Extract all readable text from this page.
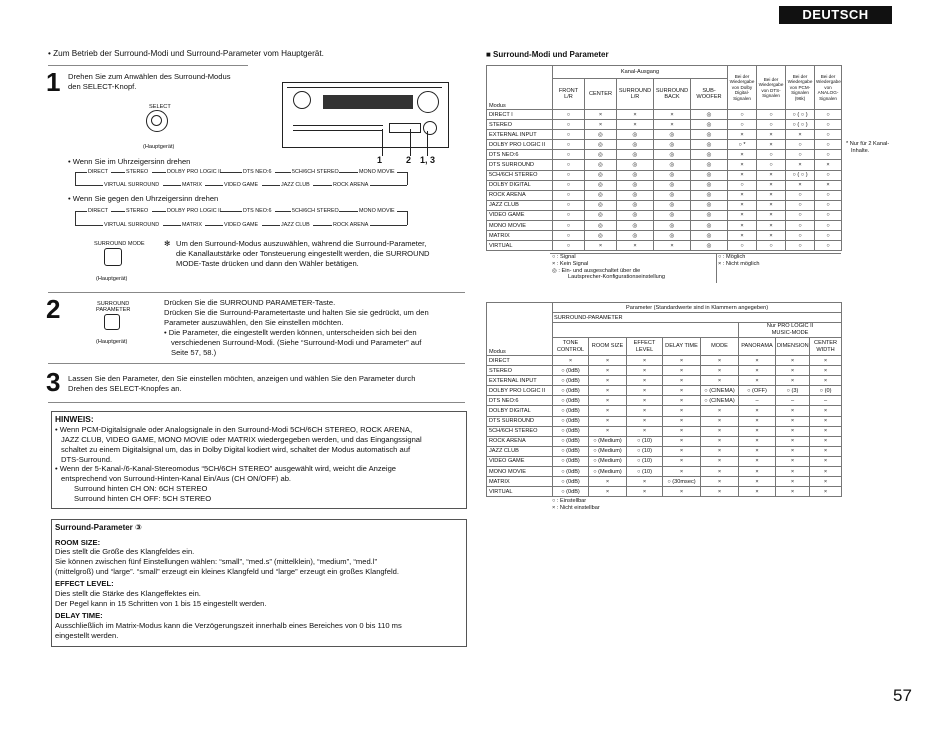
DEUTSCH
57
• Zum Betrieb der Surround-Modi und Surround-Parameter vom Hauptgerät.
1 Drehen Sie zum Anwählen des Surround-Modus
den SELECT-Knopf.
SELECT
(Hauptgerät)
1	2 1, 3
• Wenn Sie im Uhrzeigersinn drehen
DIRECT	STEREO	DOLBY PRO LOGIC II	DTS NEO:6	5CH/6CH STEREO	MONO MOVIE
VIRTUAL SURROUND	MATRIX	VIDEO GAME	JAZZ CLUB	ROCK ARENA
• Wenn Sie gegen den Uhrzeigersinn drehen
DIRECT	STEREO	DOLBY PRO LOGIC II	DTS NEO:6	5CH/6CH STEREO	MONO MOVIE
VIRTUAL SURROUND	MATRIX	VIDEO GAME	JAZZ CLUB	ROCK ARENA
SURROUND MODE
(Hauptgerät)
✻ Um den Surround-Modus auszuwählen, während die Surround-Parameter,
die Kanallautstärke oder Tonsteuerung eingestellt werden, die SURROUND
MODE-Taste drücken und dann den Wähler betätigen.
2	SURROUND
PARAMETER
(Hauptgerät)
Drücken Sie die SURROUND PARAMETER-Taste.
Drücken Sie die Surround-Parametertaste und halten Sie sie gedrückt, um den
Parameter auszuwählen, den Sie einstellen möchten.
• Die Parameter, die eingestellt werden können, unterscheiden sich bei den
verschiedenen Surround-Modi. (Siehe “Surround-Modi und Parameter” auf
Seite 57, 58.)
3 Lassen Sie den Parameter, den Sie einstellen möchten, anzeigen und wählen Sie den Parameter durch
Drehen des SELECT-Knopfes an.
HINWEIS:
• Wenn PCM-Digitalsignale oder Analogsignale in den Surround-Modi 5CH/6CH STEREO, ROCK ARENA,
JAZZ CLUB, VIDEO GAME, MONO MOVIE oder MATRIX wiedergegeben werden, und das Eingangssignal
schaltet zu einem Digitalsignal um, das in Dolby Digital kodiert wird, schaltet der Modus automatisch auf
DTS-Surround.
• Wenn der 5-Kanal-/6-Kanal-Stereomodus “5CH/6CH STEREO” ausgewählt wird, weicht die Anzeige
entsprechend von Surround-Hinten-Kanal Ein/Aus (CH ON/OFF) ab.
Surround hinten CH ON: 6CH STEREO
Surround hinten CH OFF: 5CH STEREO
Surround-Parameter ③
ROOM SIZE:
Dies stellt die Größe des Klangfeldes ein.
Sie können zwischen fünf Einstellungen wählen: “small”, “med.s” (mittelklein), “medium”, “med.l”
(mittelgroß) und “large”. “small” erzeugt ein kleines Klangfeld und “large” erzeugt ein großes Klangfeld.
EFFECT LEVEL:
Dies stellt die Stärke des Klangeffektes ein.
Der Pegel kann in 15 Schritten von 1 bis 15 eingestellt werden.
DELAY TIME:
Ausschließlich im Matrix-Modus kann die Verzögerungszeit innerhalb eines Bereiches von 0 bis 110 ms
eingestellt werden.
■ Surround-Modi und Parameter
Modus	Kanal-Ausgang					Bei der Wiedergabe von Dolby Digital-Signalen	Bei der Wiedergabe von DTS-Signalen	Bei der Wiedergabe von PCM-Signalen (96k)	Bei der Wiedergabe von ANALOG-Signalen
	FRONT L/R	CENTER	SURROUND L/R	SURROUND BACK	SUB-WOOFER				
DIRECT ǀ	○	×	×	×	◎	○	○	○ ( ○ )	○
STEREO	○	×	×	×	◎	○	○	○ ( ○ )	○
EXTERNAL INPUT	○	◎	◎	◎	◎	×	×	×	○
DOLBY PRO LOGIC II	○	◎	◎	◎	◎	○ *	×	○	○
DTS NEO:6	○	◎	◎	◎	◎	×	○	○	○
DTS SURROUND	○	◎	◎	◎	◎	×	○	×	×
5CH/6CH STEREO	○	◎	◎	◎	◎	×	×	○ ( ○ )	○
DOLBY DIGITAL	○	◎	◎	◎	◎	○	×	×	×
ROCK ARENA	○	◎	◎	◎	◎	×	×	○	○
JAZZ CLUB	○	◎	◎	◎	◎	×	×	○	○
VIDEO GAME	○	◎	◎	◎	◎	×	×	○	○
MONO MOVIE	○	◎	◎	◎	◎	×	×	○	○
MATRIX	○	◎	◎	◎	◎	×	×	○	○
VIRTUAL	○	×	×	×	◎	○	○	○	○
* Nur für 2 Kanal-
Inhalte.
○ : Signal
× : Kein Signal
◎ : Ein- und ausgeschaltet über die
Lautsprecher-Konfigurationseinstellung
○ : Möglich
× : Nicht möglich
Modus	Parameter (Standardwerte sind in Klammern angegeben)							
	SURROUND-PARAMETER							

						Nur PRO LOGIC II
MUSIC-MODE		

	TONE CONTROL	ROOM SIZE	EFFECT LEVEL	DELAY TIME	MODE	PANORAMA	DIMENSION	CENTER WIDTH
DIRECT	×	×	×	×	×	×	×	×
STEREO	○ (0dB)	×	×	×	×	×	×	×
EXTERNAL INPUT	○ (0dB)	×	×	×	×	×	×	×
DOLBY PRO LOGIC II	○ (0dB)	×	×	×	○ (CINEMA)	○ (OFF)	○ (3)	○ (0)
DTS NEO:6	○ (0dB)	×	×	×	○ (CINEMA)	–	–	–
DOLBY DIGITAL	○ (0dB)	×	×	×	×	×	×	×
DTS SURROUND	○ (0dB)	×	×	×	×	×	×	×
5CH/6CH STEREO	○ (0dB)	×	×	×	×	×	×	×
ROCK ARENA	○ (0dB)	○ (Medium)	○ (10)	×	×	×	×	×
JAZZ CLUB	○ (0dB)	○ (Medium)	○ (10)	×	×	×	×	×
VIDEO GAME	○ (0dB)	○ (Medium)	○ (10)	×	×	×	×	×
MONO MOVIE	○ (0dB)	○ (Medium)	○ (10)	×	×	×	×	×
MATRIX	○ (0dB)	×	×	○ (30msec)	×	×	×	×
VIRTUAL	○ (0dB)	×	×	×	×	×	×	×
○ : Einstellbar
× : Nicht einstellbar
